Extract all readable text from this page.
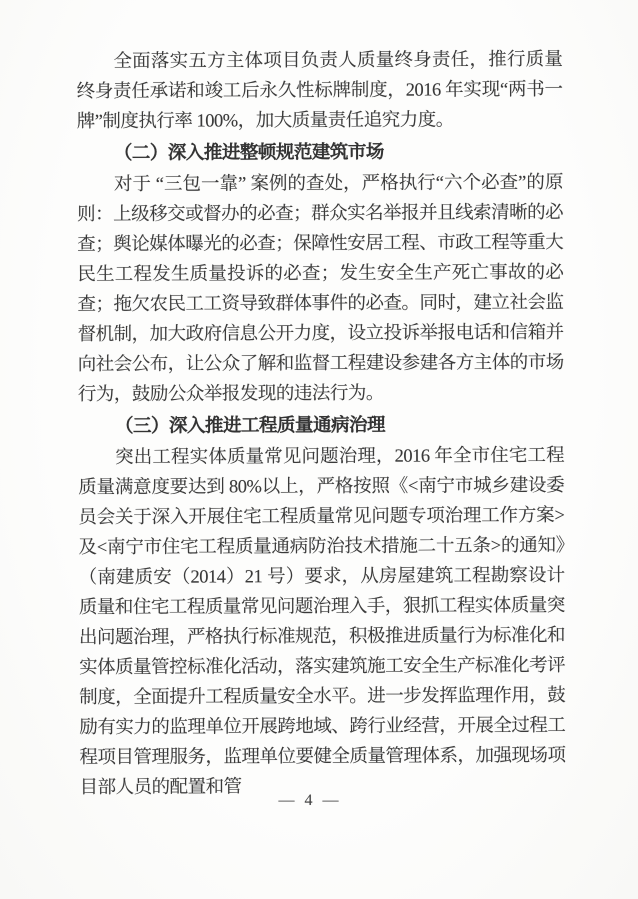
全面落实五方主体项目负责人质量终身责任，推行质量终身责任承诺和竣工后永久性标牌制度，2016 年实现“两书一牌”制度执行率 100%，加大质量责任追究力度。

（二）深入推进整顿规范建筑市场

对于 “三包一靠” 案例的查处，严格执行“六个必查”的原则：上级移交或督办的必查；群众实名举报并且线索清晰的必查；舆论媒体曝光的必查；保障性安居工程、市政工程等重大民生工程发生质量投诉的必查；发生安全生产死亡事故的必查；拖欠农民工工资导致群体事件的必查。同时，建立社会监督机制，加大政府信息公开力度，设立投诉举报电话和信箱并向社会公布，让公众了解和监督工程建设参建各方主体的市场行为，鼓励公众举报发现的违法行为。

（三）深入推进工程质量通病治理

突出工程实体质量常见问题治理，2016 年全市住宅工程质量满意度要达到 80%以上，严格按照《<南宁市城乡建设委员会关于深入开展住宅工程质量常见问题专项治理工作方案>及<南宁市住宅工程质量通病防治技术措施二十五条>的通知》（南建质安（2014）21 号）要求，从房屋建筑工程勘察设计质量和住宅工程质量常见问题治理入手，狠抓工程实体质量突出问题治理，严格执行标准规范，积极推进质量行为标准化和实体质量管控标准化活动，落实建筑施工安全生产标准化考评制度，全面提升工程质量安全水平。进一步发挥监理作用，鼓励有实力的监理单位开展跨地域、跨行业经营，开展全过程工程项目管理服务，监理单位要健全质量管理体系，加强现场项目部人员的配置和管

— 4 —
